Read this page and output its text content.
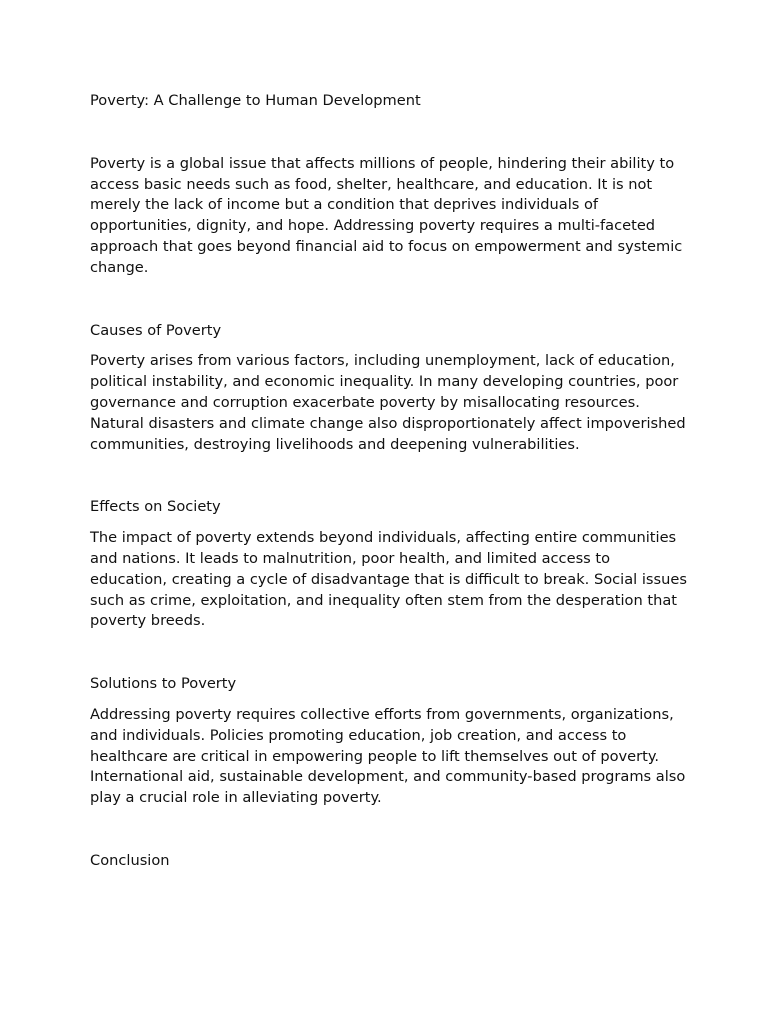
Poverty: A Challenge to Human Development

Poverty is a global issue that affects millions of people, hindering their ability to access basic needs such as food, shelter, healthcare, and education. It is not merely the lack of income but a condition that deprives individuals of opportunities, dignity, and hope. Addressing poverty requires a multi-faceted approach that goes beyond financial aid to focus on empowerment and systemic change.

Causes of Poverty

Poverty arises from various factors, including unemployment, lack of education, political instability, and economic inequality. In many developing countries, poor governance and corruption exacerbate poverty by misallocating resources. Natural disasters and climate change also disproportionately affect impoverished communities, destroying livelihoods and deepening vulnerabilities.

Effects on Society

The impact of poverty extends beyond individuals, affecting entire communities and nations. It leads to malnutrition, poor health, and limited access to education, creating a cycle of disadvantage that is difficult to break. Social issues such as crime, exploitation, and inequality often stem from the desperation that poverty breeds.

Solutions to Poverty

Addressing poverty requires collective efforts from governments, organizations, and individuals. Policies promoting education, job creation, and access to healthcare are critical in empowering people to lift themselves out of poverty. International aid, sustainable development, and community-based programs also play a crucial role in alleviating poverty.

Conclusion
